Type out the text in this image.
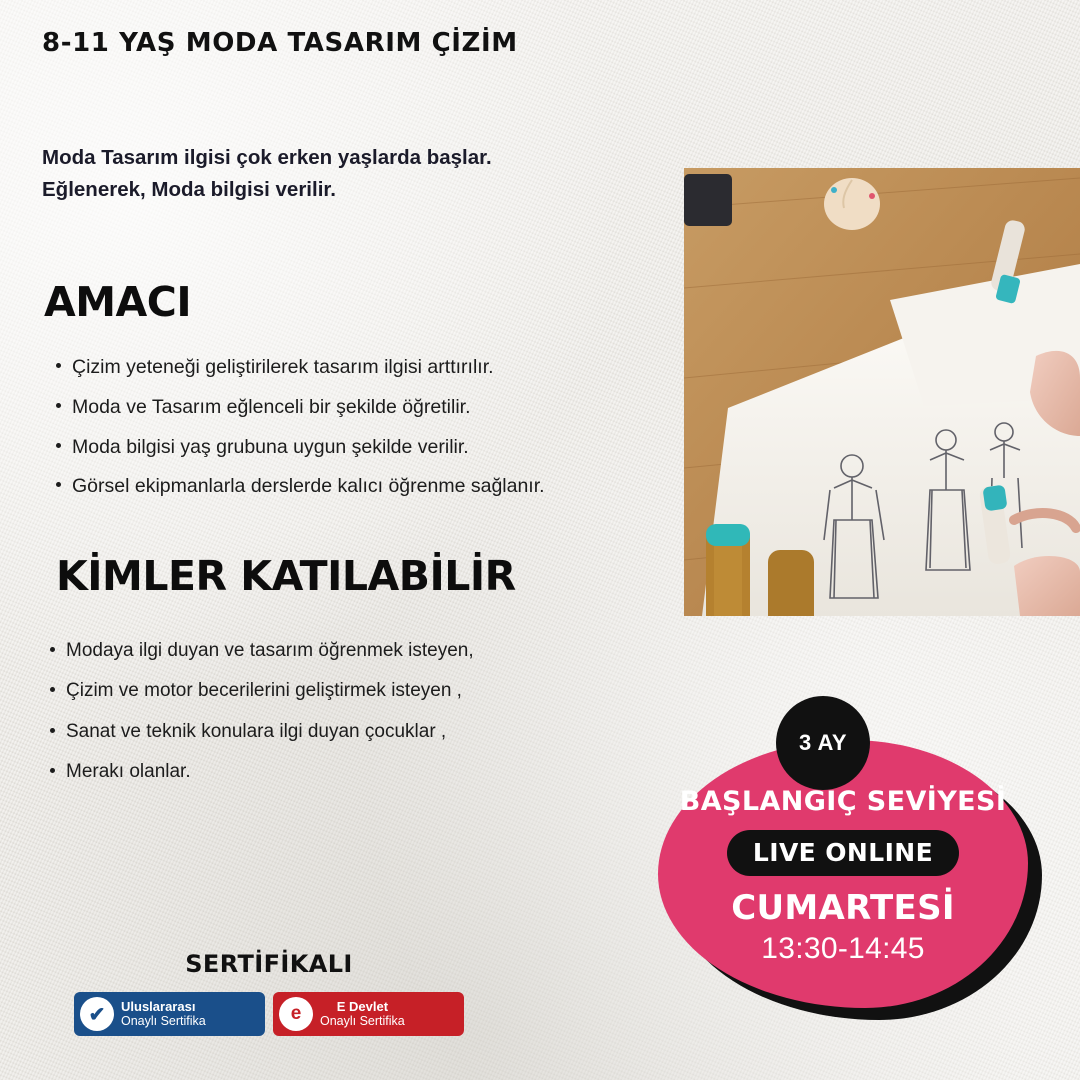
8-11 YAŞ MODA TASARIM ÇİZİM
Moda Tasarım ilgisi çok erken yaşlarda başlar.
Eğlenerek, Moda bilgisi verilir.
AMACI
Çizim yeteneği geliştirilerek tasarım ilgisi arttırılır.
Moda ve Tasarım eğlenceli bir şekilde öğretilir.
Moda bilgisi yaş grubuna uygun şekilde verilir.
Görsel ekipmanlarla derslerde kalıcı öğrenme sağlanır.
KİMLER KATILABİLİR
Modaya ilgi duyan ve tasarım öğrenmek isteyen,
Çizim ve motor becerilerini geliştirmek isteyen ,
Sanat ve teknik konulara ilgi duyan çocuklar ,
Merakı olanlar.
3 AY
BAŞLANGIÇ SEVİYESİ
LIVE ONLINE
CUMARTESİ
13:30-14:45
SERTİFİKALI
✔	Uluslararası
Onaylı Sertifika	e	E Devlet
Onaylı Sertifika
